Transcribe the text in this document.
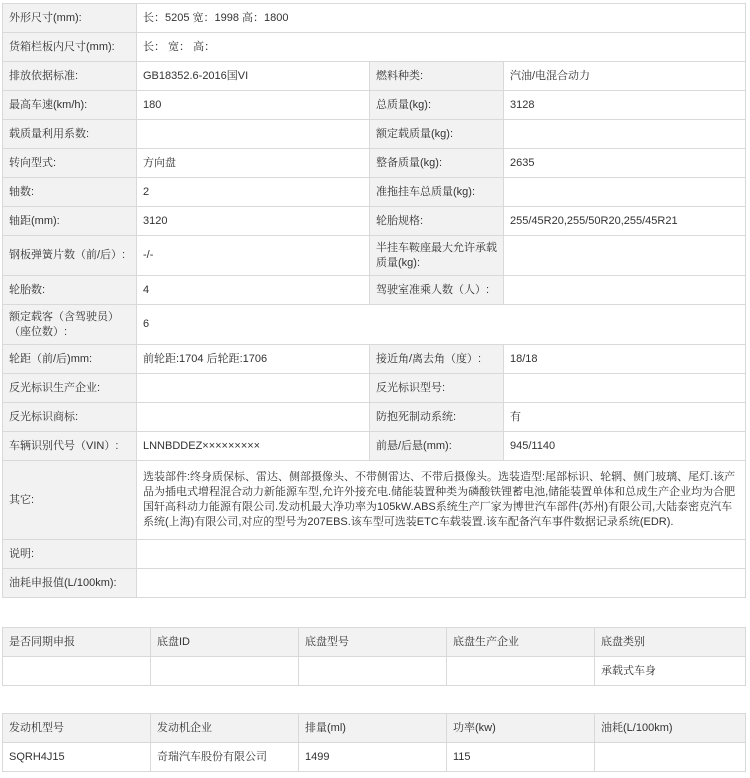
外形尺寸(mm):	长：5205 宽：1998 高：1800		
货箱栏板内尺寸(mm):	长： 宽： 高：		
排放依据标准:	GB18352.6-2016国VI	燃料种类:	汽油/电混合动力
最高车速(km/h):	180	总质量(kg):	3128
载质量利用系数:		额定载质量(kg):	
转向型式:	方向盘	整备质量(kg):	2635
轴数:	2	准拖挂车总质量(kg):	
轴距(mm):	3120	轮胎规格:	255/45R20,255/50R20,255/45R21
钢板弹簧片数（前/后）:	-/-	半挂车鞍座最大允许承载质量(kg):	
轮胎数:	4	驾驶室准乘人数（人）:	
额定载客（含驾驶员）（座位数）:	6		
轮距（前/后)mm:	前轮距:1704 后轮距:1706	接近角/离去角（度）:	18/18
反光标识生产企业:		反光标识型号:	
反光标识商标:		防抱死制动系统:	有
车辆识别代号（VIN）:	LNNBDDEZ×××××××××	前悬/后悬(mm):	945/1140
其它:	选装部件:终身质保标、雷达、侧部摄像头、不带侧雷达、不带后摄像头。选装造型:尾部标识、轮辋、侧门玻璃、尾灯.该产品为插电式增程混合动力新能源车型,允许外接充电.储能装置种类为磷酸铁锂蓄电池,储能装置单体和总成生产企业均为合肥国轩高科动力能源有限公司.发动机最大净功率为105kW.ABS系统生产厂家为博世汽车部件(苏州)有限公司,大陆泰密克汽车系统(上海)有限公司,对应的型号为207EBS.该车型可选装ETC车载装置.该车配备汽车事件数据记录系统(EDR).		
说明:			
油耗申报值(L/100km):			
是否同期申报	底盘ID	底盘型号	底盘生产企业	底盘类别
				承载式车身
发动机型号	发动机企业	排量(ml)	功率(kw)	油耗(L/100km)
SQRH4J15	奇瑞汽车股份有限公司	1499	115	
